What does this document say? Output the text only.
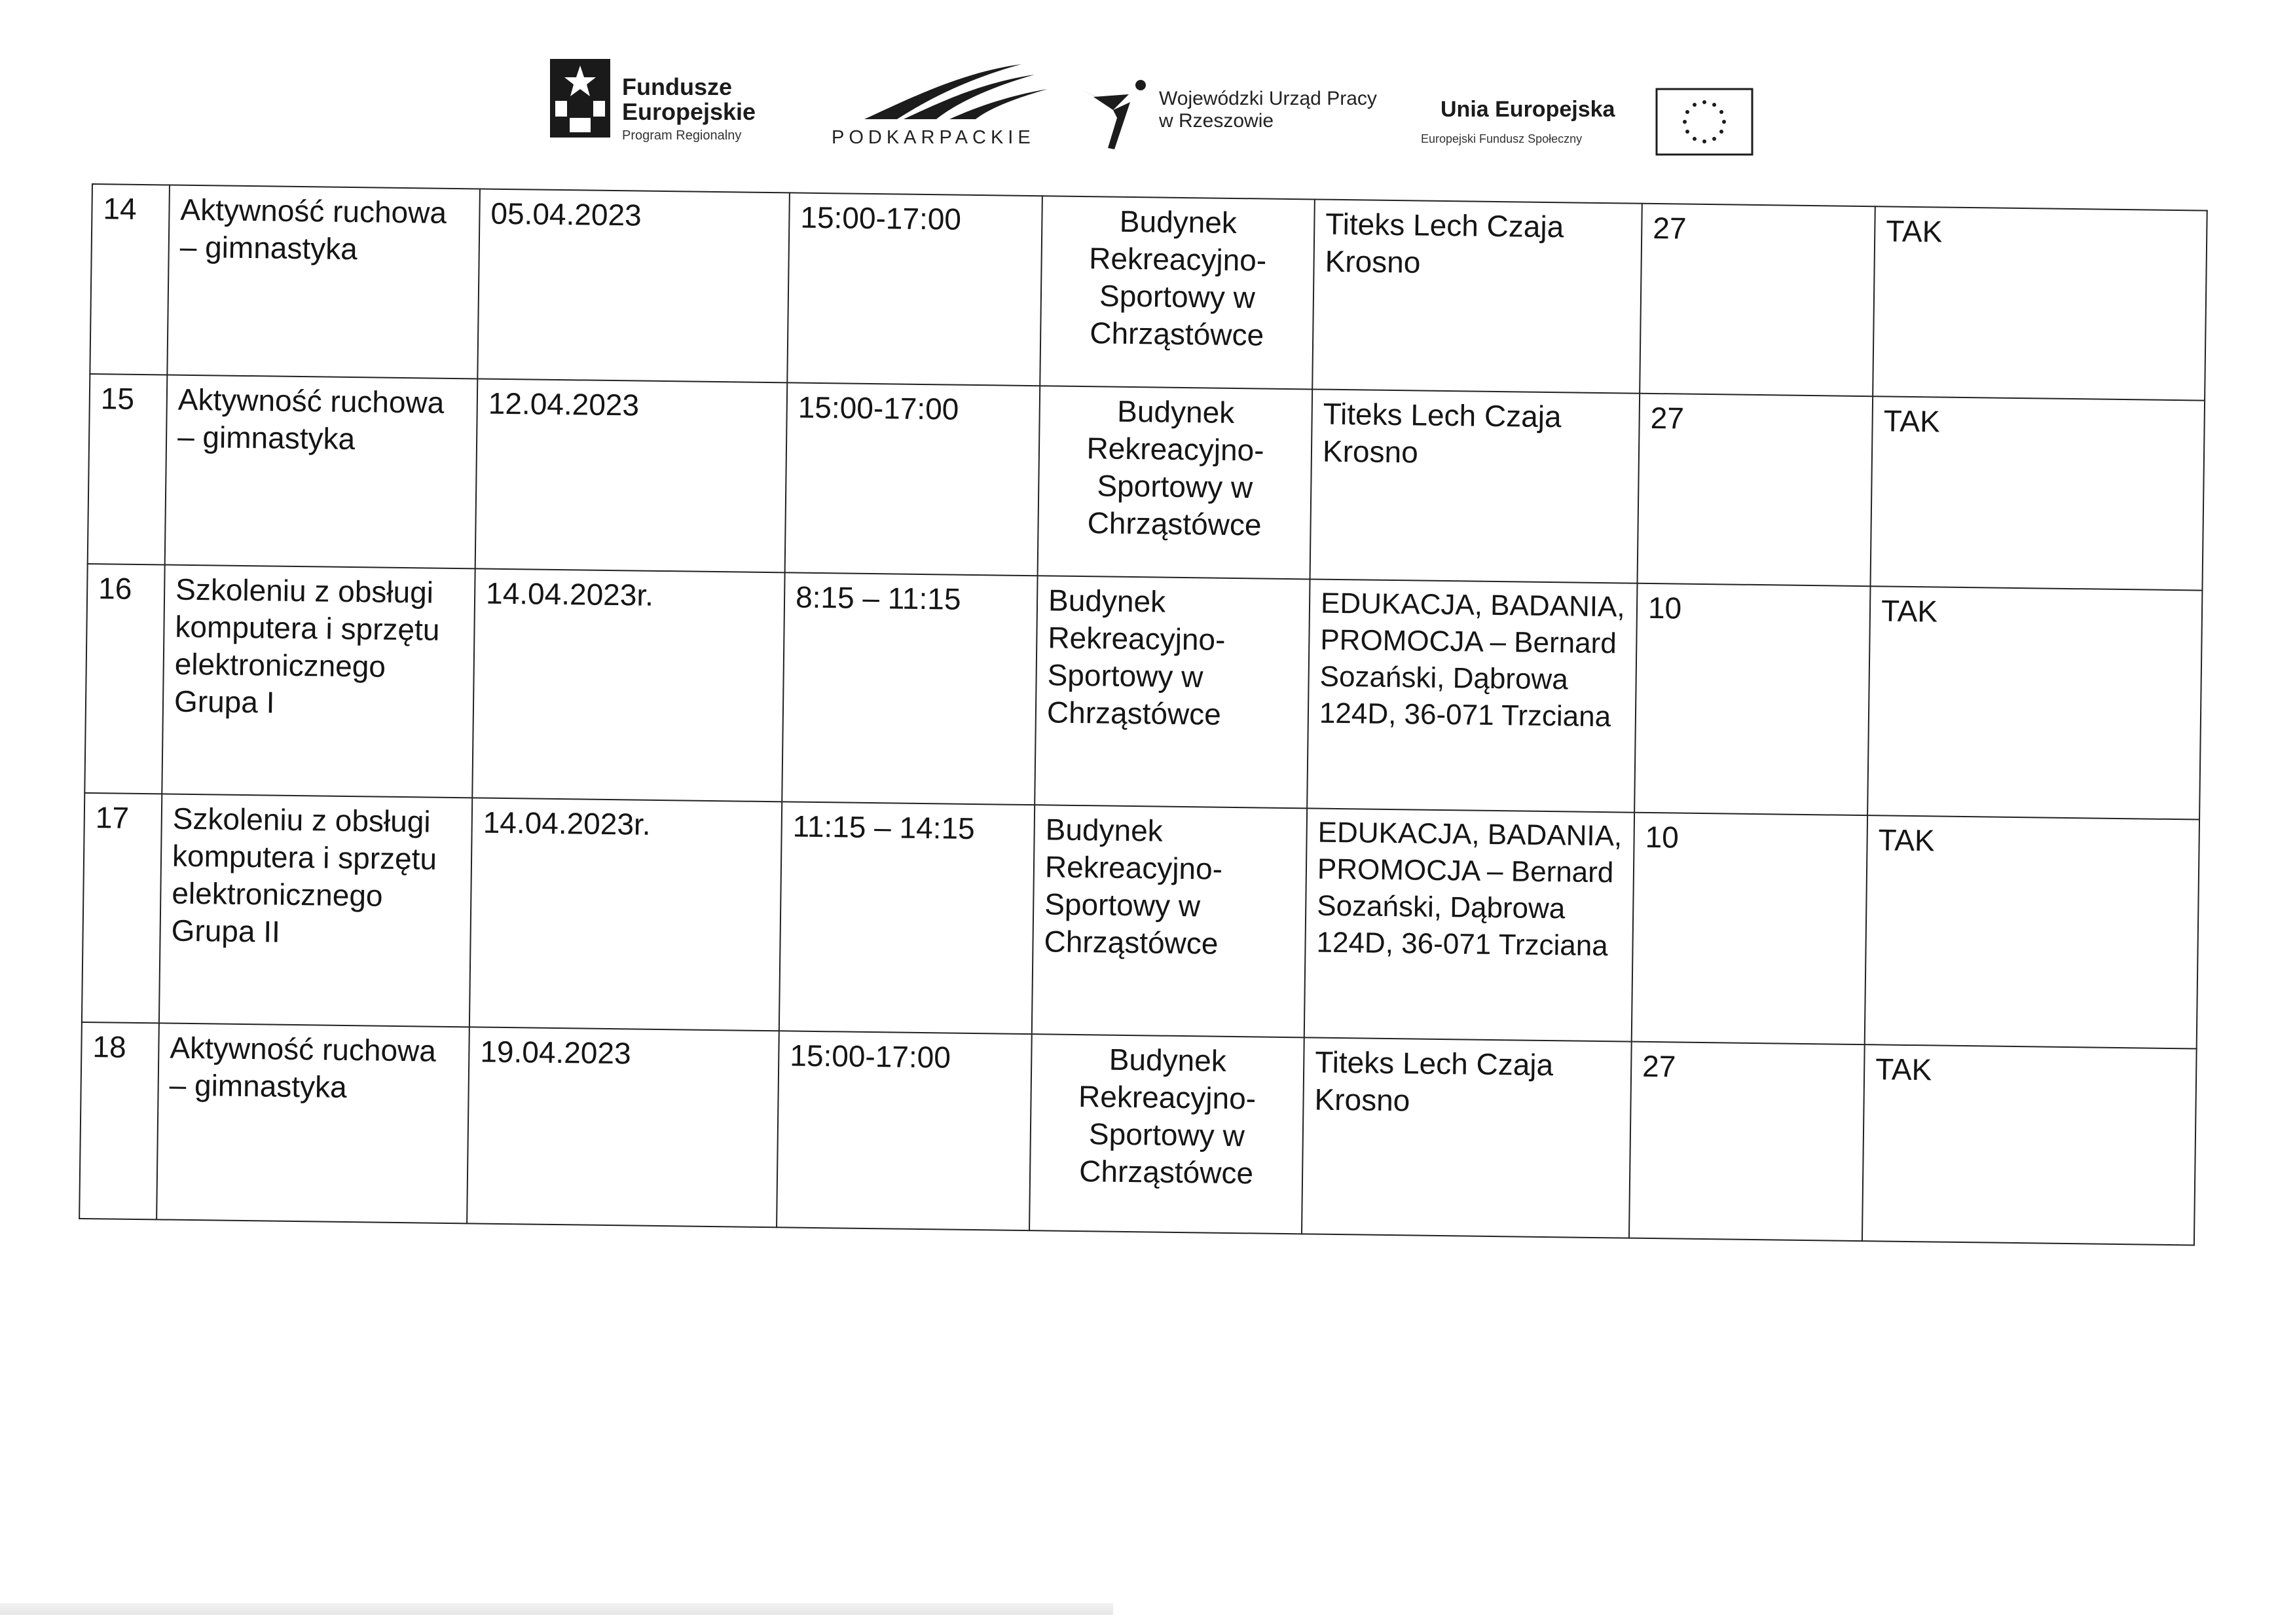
Fundusze
Europejskie
Program Regionalny	PODKARPACKIE
Wojewódzki Urząd Pracy
w Rzeszowie	Unia Europejska
Europejski Fundusz Społeczny
14	Aktywność ruchowa – gimnastyka	05.04.2023	15:00-17:00	Budynek Rekreacyjno-Sportowy w Chrząstówce	Titeks Lech Czaja Krosno	27	TAK
15	Aktywność ruchowa – gimnastyka	12.04.2023	15:00-17:00	Budynek Rekreacyjno-Sportowy w Chrząstówce	Titeks Lech Czaja Krosno	27	TAK
16	Szkoleniu z obsługi komputera i sprzętu elektronicznego Grupa I	14.04.2023r.	8:15 – 11:15	Budynek Rekreacyjno-Sportowy w Chrząstówce	EDUKACJA, BADANIA, PROMOCJA – Bernard Sozański, Dąbrowa 124D, 36-071 Trzciana	10	TAK
17	Szkoleniu z obsługi komputera i sprzętu elektronicznego Grupa II	14.04.2023r.	11:15 – 14:15	Budynek Rekreacyjno-Sportowy w Chrząstówce	EDUKACJA, BADANIA, PROMOCJA – Bernard Sozański, Dąbrowa 124D, 36-071 Trzciana	10	TAK
18	Aktywność ruchowa – gimnastyka	19.04.2023	15:00-17:00	Budynek Rekreacyjno-Sportowy w Chrząstówce	Titeks Lech Czaja Krosno	27	TAK
